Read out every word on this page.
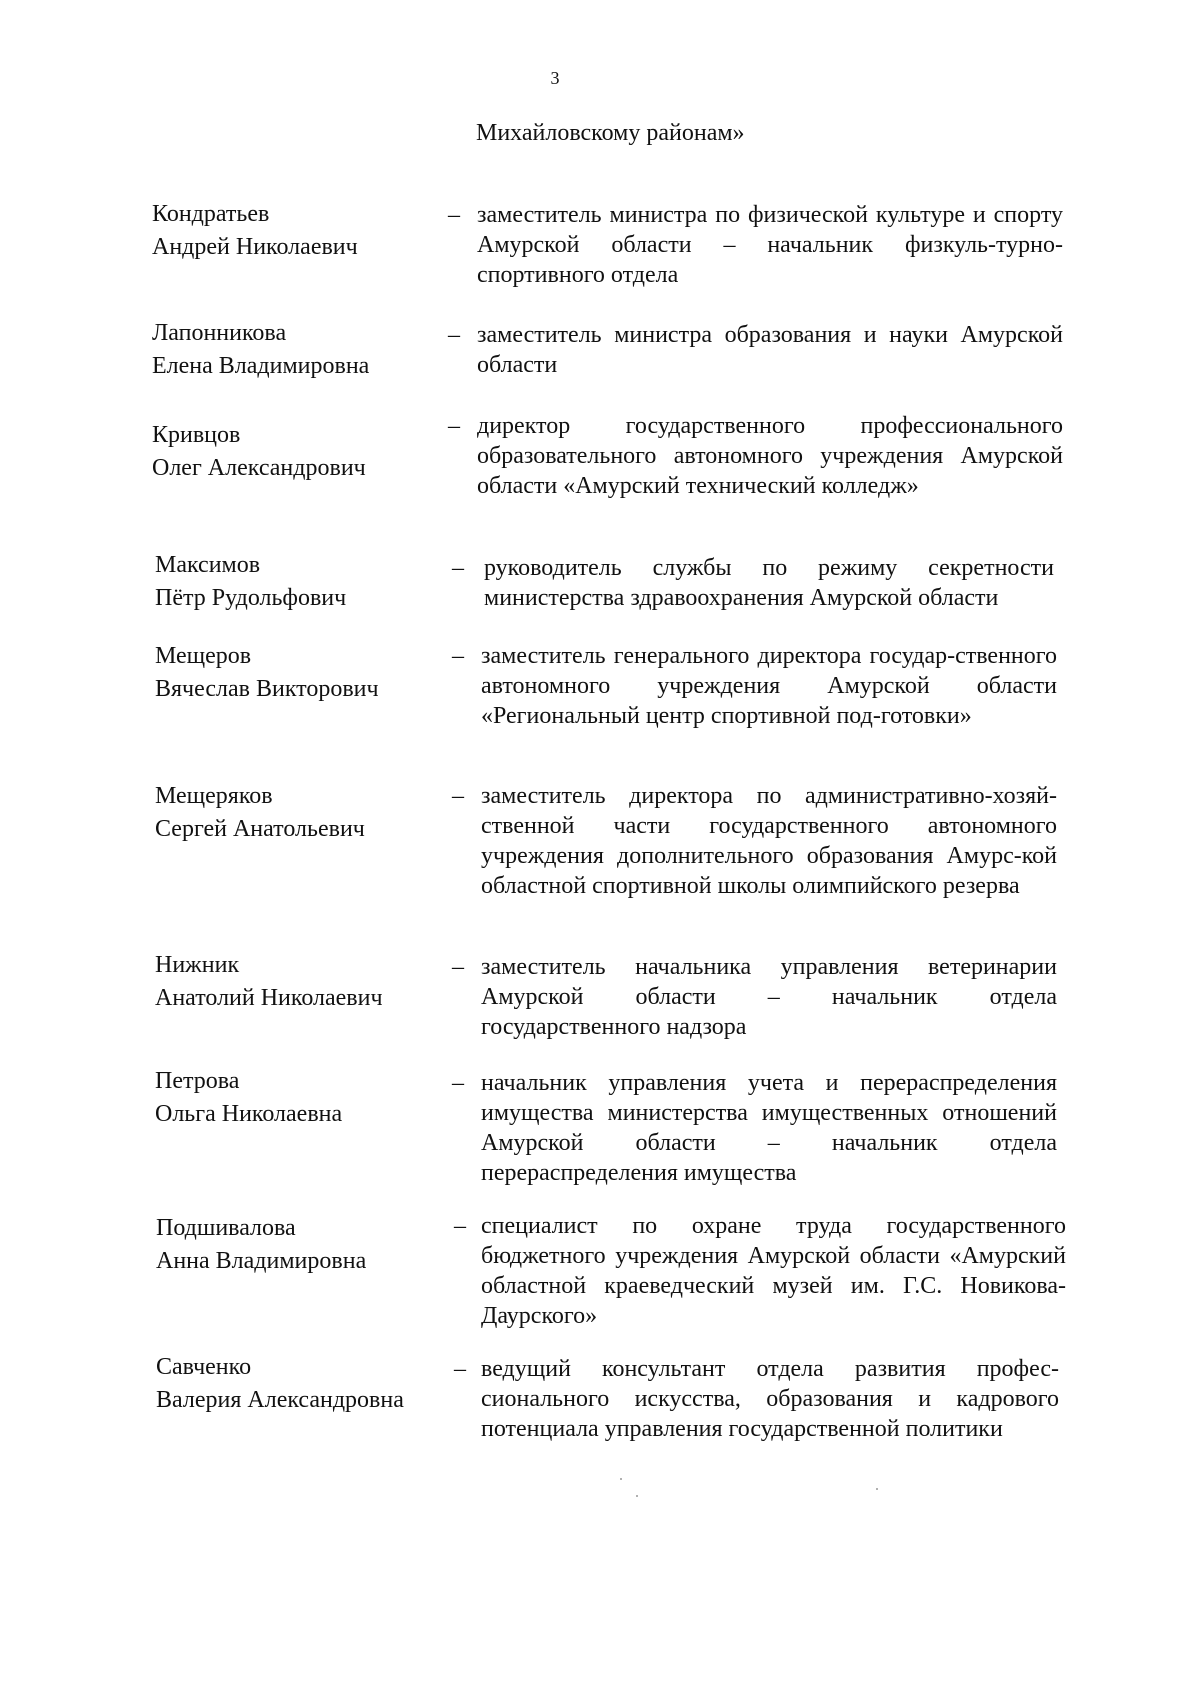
3
Михайловскому районам»
Кондратьев
Андрей Николаевич
– заместитель министра по физической культуре и спорту Амурской области – начальник физкуль-турно-спортивного отдела
Лапонникова
Елена Владимировна
– заместитель министра образования и науки Амурской области
Кривцов
Олег Александрович
– директор государственного профессионального образовательного автономного учреждения Амурской области «Амурский технический колледж»
Максимов
Пётр Рудольфович
– руководитель службы по режиму секретности министерства здравоохранения Амурской области
Мещеров
Вячеслав Викторович
– заместитель генерального директора государ-ственного автономного учреждения Амурской области «Региональный центр спортивной под-готовки»
Мещеряков
Сергей Анатольевич
– заместитель директора по административно-хозяй-ственной части государственного автономного учреждения дополнительного образования Амурс-кой областной спортивной школы олимпийского резерва
Нижник
Анатолий Николаевич
– заместитель начальника управления ветеринарии Амурской области – начальник отдела государственного надзора
Петрова
Ольга Николаевна
– начальник управления учета и перераспределения имущества министерства имущественных отношений Амурской области – начальник отдела перераспределения имущества
Подшивалова
Анна Владимировна
– специалист по охране труда государственного бюджетного учреждения Амурской области «Амурский областной краеведческий музей им. Г.С. Новикова-Даурского»
Савченко
Валерия Александровна
– ведущий консультант отдела развития профес-сионального искусства, образования и кадрового потенциала управления государственной политики
